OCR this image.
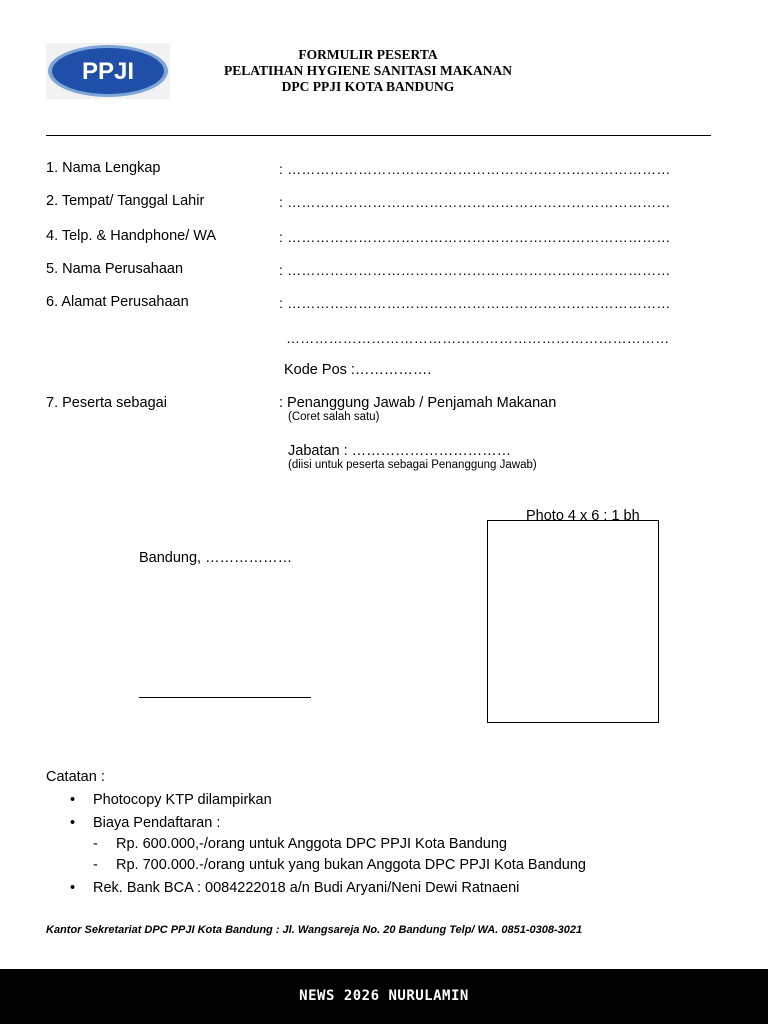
PPJI
FORMULIR PESERTA
PELATIHAN HYGIENE SANITASI MAKANAN
DPC PPJI KOTA BANDUNG
1. Nama Lengkap	: ………………………………………………………………………
2. Tempat/ Tanggal Lahir	: ………………………………………………………………………
4. Telp. & Handphone/ WA	: ………………………………………………………………………
5. Nama Perusahaan	: ………………………………………………………………………
6. Alamat Perusahaan	: ………………………………………………………………………
………………………………………………………………………
Kode Pos :…………….
7. Peserta sebagai	: Penanggung Jawab / Penjamah Makanan
(Coret salah satu)
Jabatan : ……………………………
(diisi untuk peserta sebagai Penanggung Jawab)
Photo 4 x 6 : 1 bh
Bandung, ………………
Catatan :
• Photocopy KTP dilampirkan
• Biaya Pendaftaran :
- Rp. 600.000,-/orang untuk Anggota DPC PPJI Kota Bandung
- Rp. 700.000.-/orang untuk yang bukan Anggota DPC PPJI Kota Bandung
• Rek. Bank BCA : 0084222018 a/n Budi Aryani/Neni Dewi Ratnaeni
Kantor Sekretariat DPC PPJI Kota Bandung : Jl. Wangsareja No. 20 Bandung Telp/ WA. 0851-0308-3021
NEWS 2026 NURULAMIN
